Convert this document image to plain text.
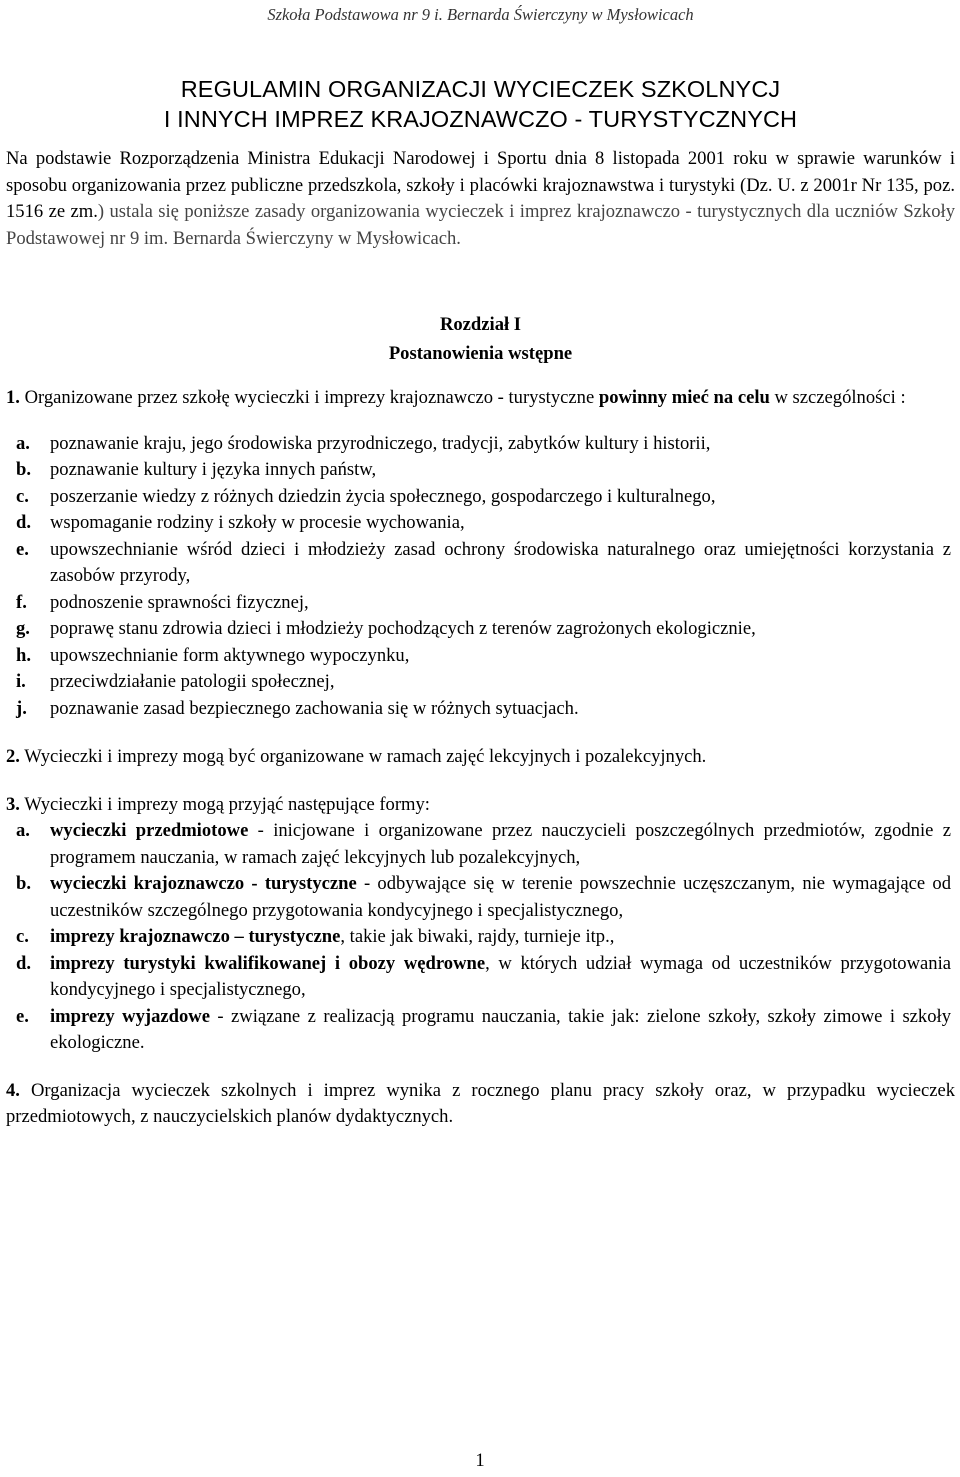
Szkoła Podstawowa nr 9 i. Bernarda Świerczyny w Mysłowicach
REGULAMIN ORGANIZACJI WYCIECZEK SZKOLNYCJ
I INNYCH IMPREZ KRAJOZNAWCZO - TURYSTYCZNYCH
Na podstawie Rozporządzenia Ministra Edukacji Narodowej i Sportu dnia 8 listopada 2001 roku w sprawie warunków i sposobu organizowania przez publiczne przedszkola, szkoły i placówki krajoznawstwa i turystyki (Dz. U. z 2001r Nr 135, poz. 1516 ze zm.) ustala się poniższe zasady organizowania wycieczek i imprez krajoznawczo - turystycznych dla uczniów Szkoły Podstawowej nr 9 im. Bernarda Świerczyny w Mysłowicach.
Rozdział I
Postanowienia wstępne
1. Organizowane przez szkołę wycieczki i imprezy krajoznawczo - turystyczne powinny mieć na celu w szczególności :
a.	poznawanie kraju, jego środowiska przyrodniczego, tradycji, zabytków kultury i historii,
b.	poznawanie kultury i języka innych państw,
c.	poszerzanie wiedzy z różnych dziedzin życia społecznego, gospodarczego i kulturalnego,
d.	wspomaganie rodziny i szkoły w procesie wychowania,
e.	upowszechnianie wśród dzieci i młodzieży zasad ochrony środowiska naturalnego oraz umiejętności korzystania z zasobów przyrody,
f.	podnoszenie sprawności fizycznej,
g.	poprawę stanu zdrowia dzieci i młodzieży pochodzących z terenów zagrożonych ekologicznie,
h.	upowszechnianie form aktywnego wypoczynku,
i.	przeciwdziałanie patologii społecznej,
j.	poznawanie zasad bezpiecznego zachowania się w różnych sytuacjach.
2. Wycieczki i imprezy mogą być organizowane w ramach zajęć lekcyjnych i pozalekcyjnych.
3. Wycieczki i imprezy mogą przyjąć następujące formy:
a.	wycieczki przedmiotowe - inicjowane i organizowane przez nauczycieli poszczególnych przedmiotów, zgodnie z programem nauczania, w ramach zajęć lekcyjnych lub pozalekcyjnych,
b.	wycieczki krajoznawczo - turystyczne - odbywające się w terenie powszechnie uczęszczanym, nie wymagające od uczestników szczególnego przygotowania kondycyjnego i specjalistycznego,
c.	imprezy krajoznawczo – turystyczne, takie jak biwaki, rajdy, turnieje itp.,
d.	imprezy turystyki kwalifikowanej i obozy wędrowne, w których udział wymaga od uczestników przygotowania kondycyjnego i specjalistycznego,
e.	imprezy wyjazdowe - związane z realizacją programu nauczania, takie jak: zielone szkoły, szkoły zimowe i szkoły ekologiczne.
4. Organizacja wycieczek szkolnych i imprez wynika z rocznego planu pracy szkoły oraz, w przypadku wycieczek przedmiotowych, z nauczycielskich planów dydaktycznych.
1
